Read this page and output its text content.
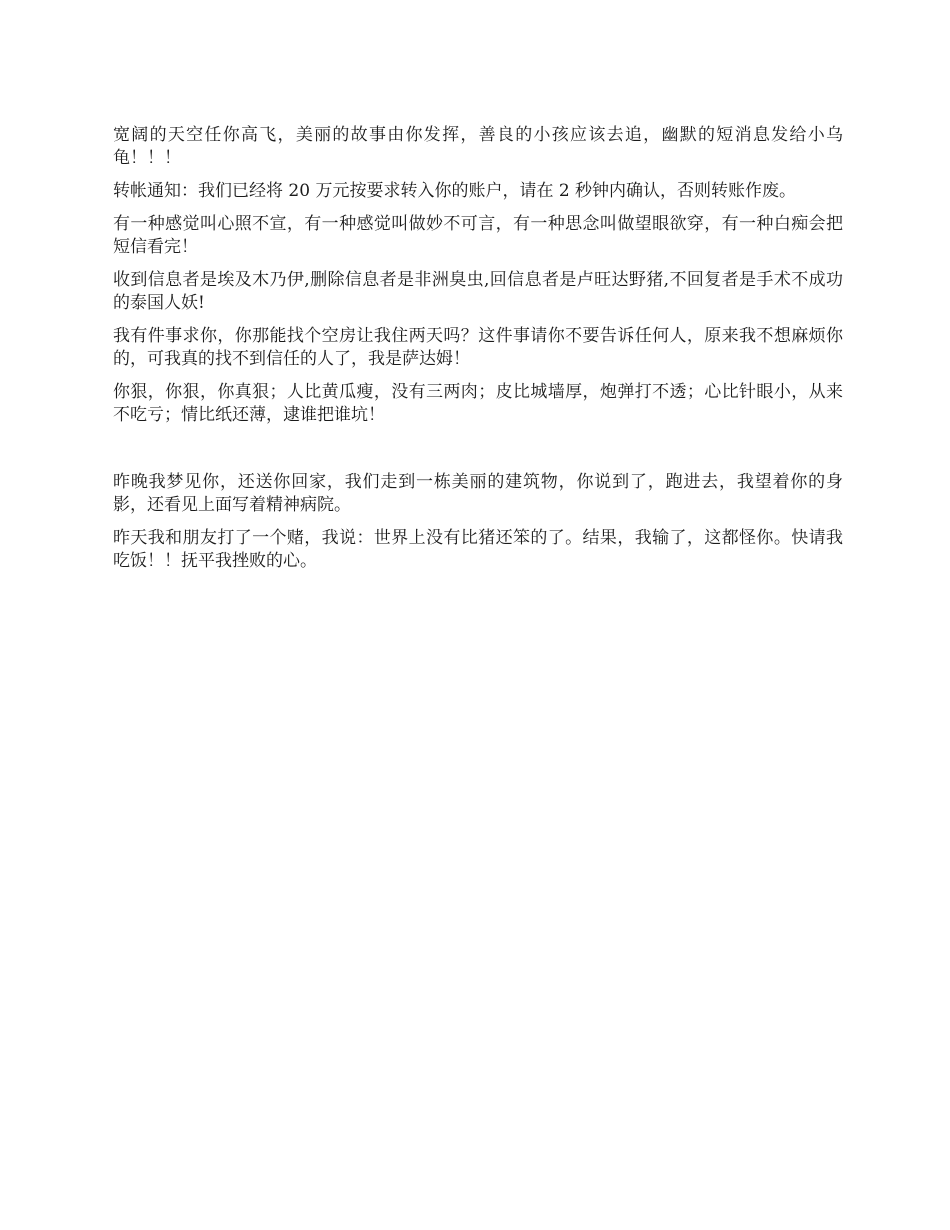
宽阔的天空任你高飞，美丽的故事由你发挥，善良的小孩应该去追，幽默的短消息发给小乌龟！！！

转帐通知：我们已经将 20 万元按要求转入你的账户，请在 2 秒钟内确认，否则转账作废。

有一种感觉叫心照不宣，有一种感觉叫做妙不可言，有一种思念叫做望眼欲穿，有一种白痴会把短信看完！

收到信息者是埃及木乃伊,删除信息者是非洲臭虫,回信息者是卢旺达野猪,不回复者是手术不成功的泰国人妖!

我有件事求你，你那能找个空房让我住两天吗？这件事请你不要告诉任何人，原来我不想麻烦你的，可我真的找不到信任的人了，我是萨达姆！

你狠，你狠，你真狠；人比黄瓜瘦，没有三两肉；皮比城墙厚，炮弹打不透；心比针眼小，从来不吃亏；情比纸还薄，逮谁把谁坑！

昨晚我梦见你，还送你回家，我们走到一栋美丽的建筑物，你说到了，跑进去，我望着你的身影，还看见上面写着精神病院。

昨天我和朋友打了一个赌，我说：世界上没有比猪还笨的了。结果，我输了，这都怪你。快请我吃饭！！抚平我挫败的心。
